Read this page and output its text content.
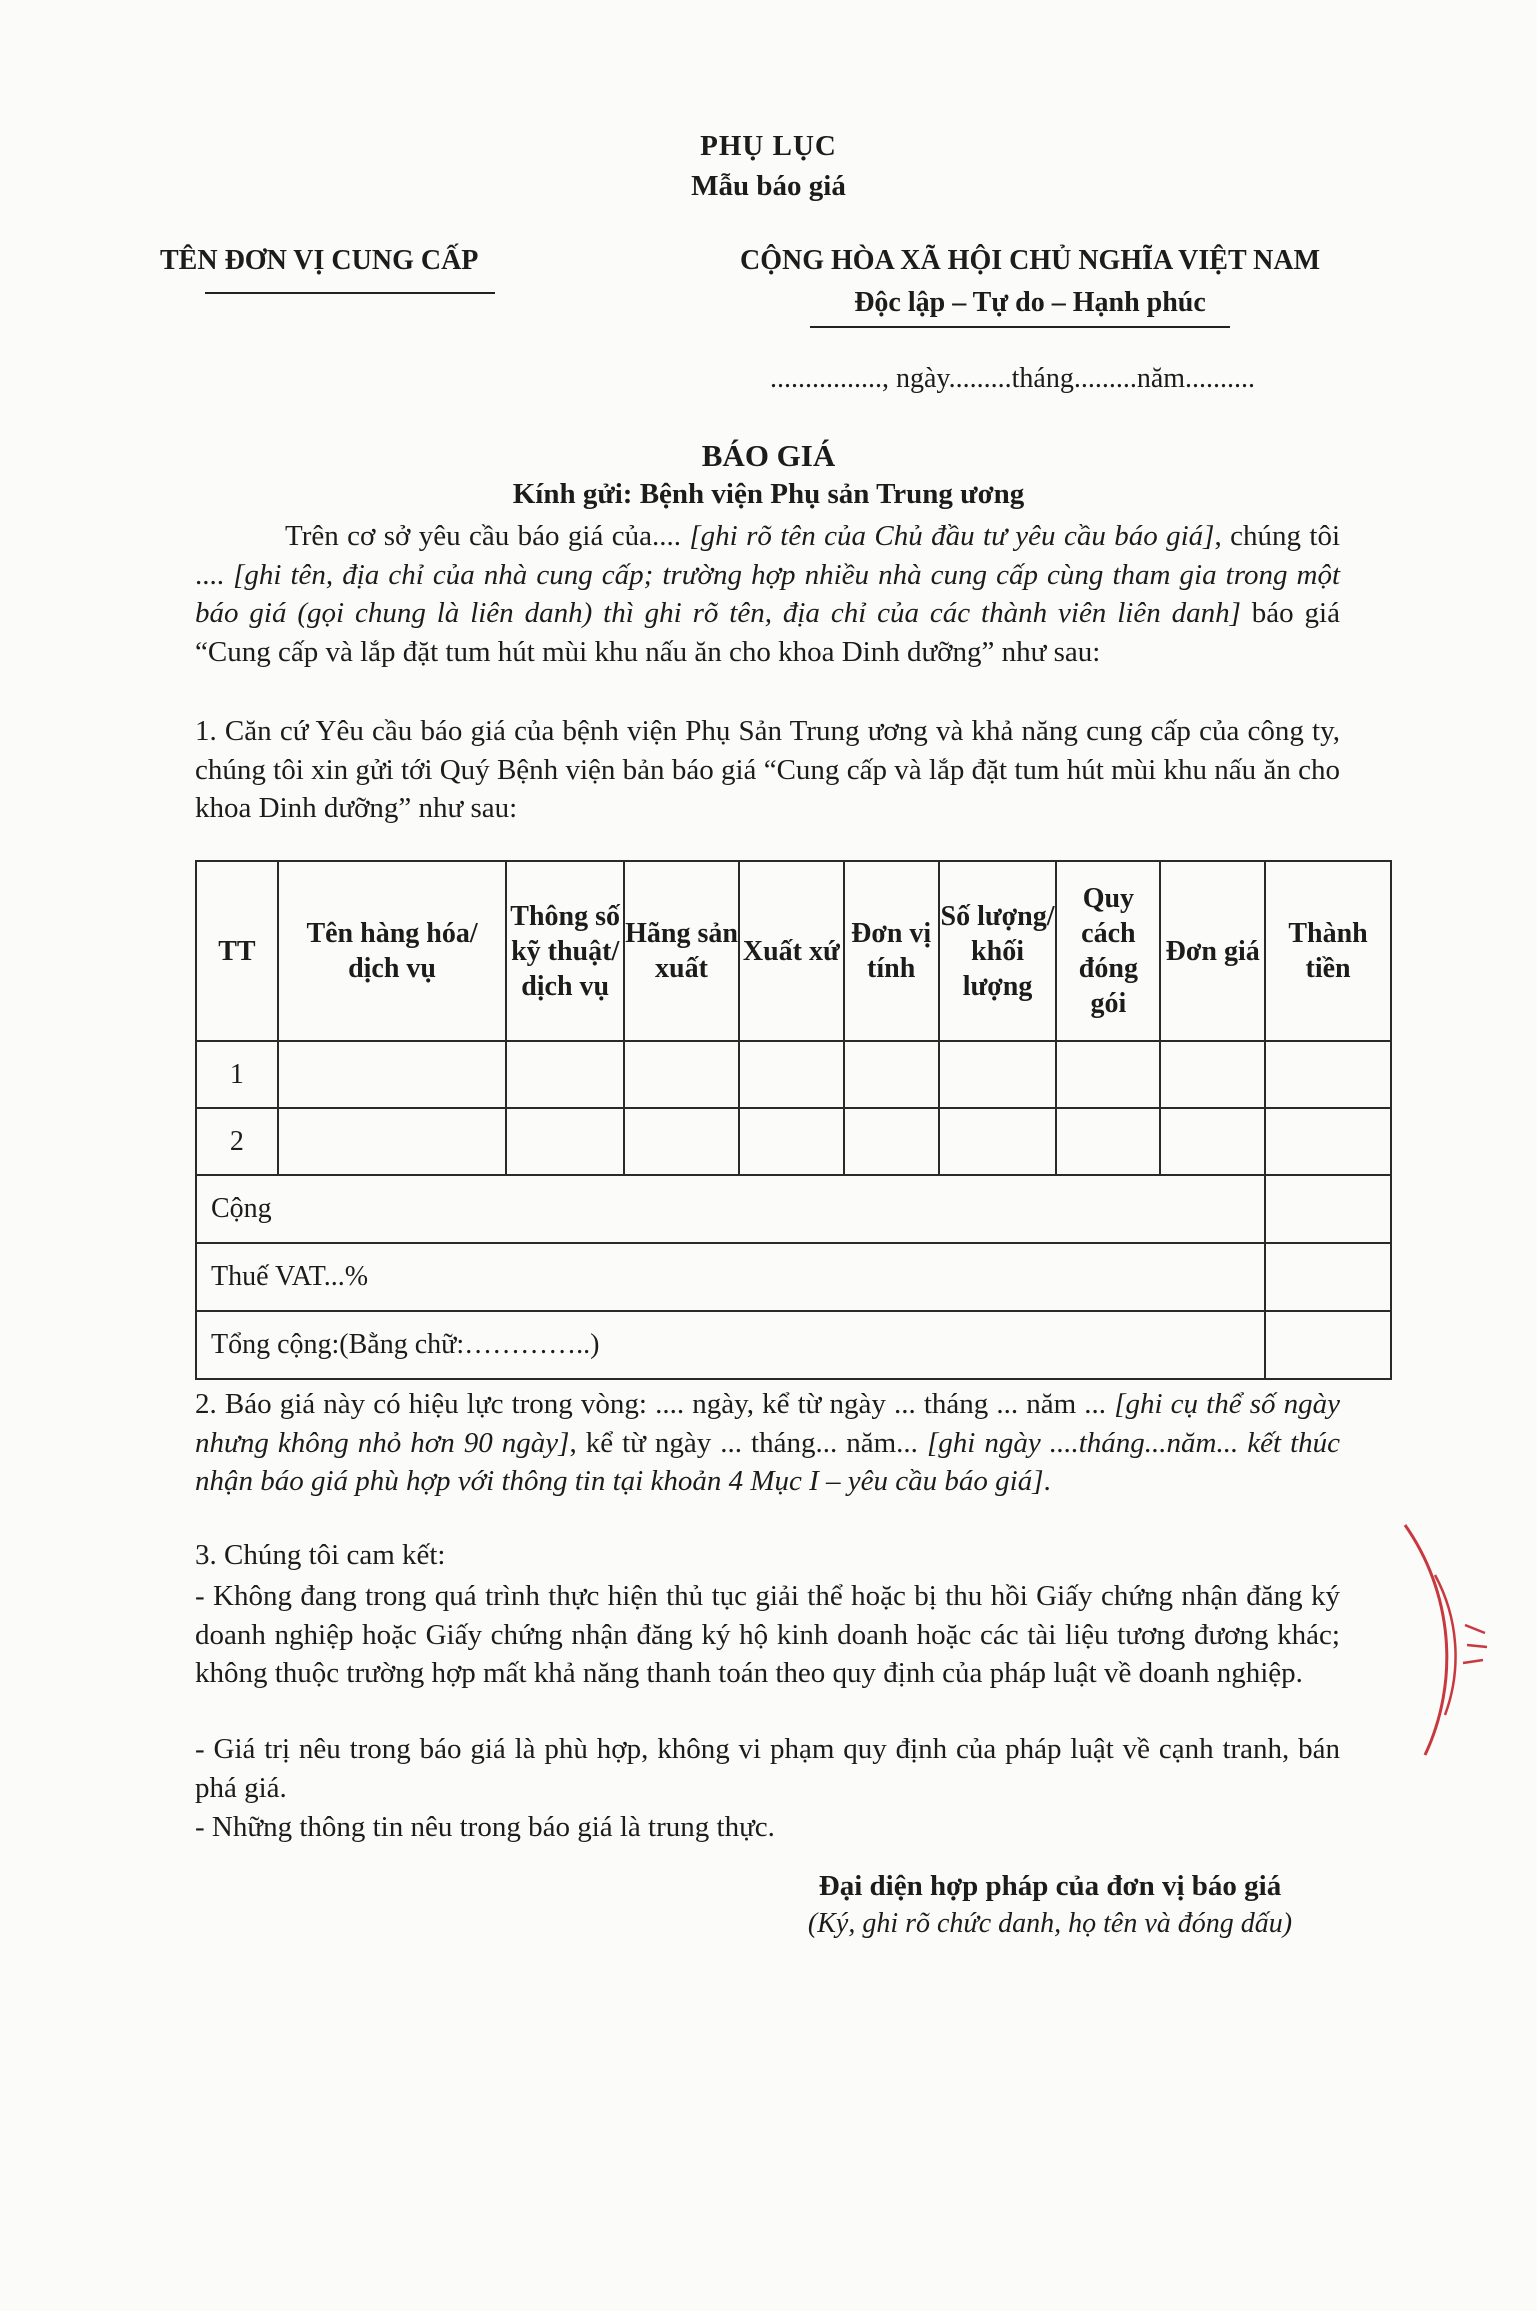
PHỤ LỤC
Mẫu báo giá
TÊN ĐƠN VỊ CUNG CẤP	CỘNG HÒA XÃ HỘI CHỦ NGHĨA VIỆT NAM
Độc lập – Tự do – Hạnh phúc
................, ngày.........tháng.........năm..........
BÁO GIÁ
Kính gửi: Bệnh viện Phụ sản Trung ương
Trên cơ sở yêu cầu báo giá của.... [ghi rõ tên của Chủ đầu tư yêu cầu báo giá], chúng tôi .... [ghi tên, địa chỉ của nhà cung cấp; trường hợp nhiều nhà cung cấp cùng tham gia trong một báo giá (gọi chung là liên danh) thì ghi rõ tên, địa chỉ của các thành viên liên danh] báo giá “Cung cấp và lắp đặt tum hút mùi khu nấu ăn cho khoa Dinh dưỡng” như sau:
1. Căn cứ Yêu cầu báo giá của bệnh viện Phụ Sản Trung ương và khả năng cung cấp của công ty, chúng tôi xin gửi tới Quý Bệnh viện bản báo giá “Cung cấp và lắp đặt tum hút mùi khu nấu ăn cho khoa Dinh dưỡng” như sau:
TT	Tên hàng hóa/ dịch vụ	Thông số kỹ thuật/ dịch vụ	Hãng sản xuất	Xuất xứ	Đơn vị tính	Số lượng/ khối lượng	Quy cách đóng gói	Đơn giá	Thành tiền
1									
2									
Cộng									
Thuế VAT...%									
Tổng cộng:(Bằng chữ:…………..)									
2. Báo giá này có hiệu lực trong vòng: .... ngày, kể từ ngày ... tháng ... năm ... [ghi cụ thể số ngày nhưng không nhỏ hơn 90 ngày], kể từ ngày ... tháng... năm... [ghi ngày ....tháng...năm... kết thúc nhận báo giá phù hợp với thông tin tại khoản 4 Mục I – yêu cầu báo giá].
3. Chúng tôi cam kết:
- Không đang trong quá trình thực hiện thủ tục giải thể hoặc bị thu hồi Giấy chứng nhận đăng ký doanh nghiệp hoặc Giấy chứng nhận đăng ký hộ kinh doanh hoặc các tài liệu tương đương khác; không thuộc trường hợp mất khả năng thanh toán theo quy định của pháp luật về doanh nghiệp.
- Giá trị nêu trong báo giá là phù hợp, không vi phạm quy định của pháp luật về cạnh tranh, bán phá giá.
- Những thông tin nêu trong báo giá là trung thực.
Đại diện hợp pháp của đơn vị báo giá
(Ký, ghi rõ chức danh, họ tên và đóng dấu)
